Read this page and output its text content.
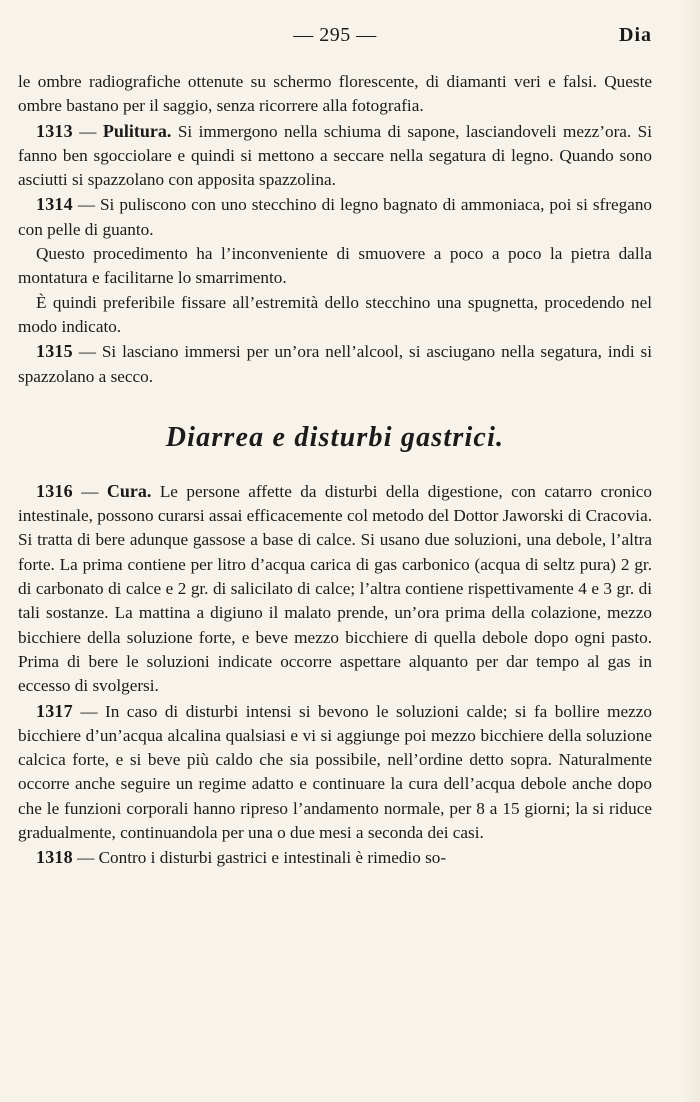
— 295 —	Dia

le ombre radiografiche ottenute su schermo florescente, di diamanti veri e falsi. Queste ombre bastano per il saggio, senza ricorrere alla fotografia.

1313 — Pulitura. Si immergono nella schiuma di sapone, lasciandoveli mezz’ora. Si fanno ben sgocciolare e quindi si mettono a seccare nella segatura di legno. Quando sono asciutti si spazzolano con apposita spazzolina.

1314 — Si puliscono con uno stecchino di legno bagnato di ammoniaca, poi si sfregano con pelle di guanto.

Questo procedimento ha l’inconveniente di smuovere a poco a poco la pietra dalla montatura e facilitarne lo smarrimento.

È quindi preferibile fissare all’estremità dello stecchino una spugnetta, procedendo nel modo indicato.

1315 — Si lasciano immersi per un’ora nell’alcool, si asciugano nella segatura, indi si spazzolano a secco.

Diarrea e disturbi gastrici.

1316 — Cura. Le persone affette da disturbi della digestione, con catarro cronico intestinale, possono curarsi assai efficacemente col metodo del Dottor Jaworski di Cracovia. Si tratta di bere adunque gassose a base di calce. Si usano due soluzioni, una debole, l’altra forte. La prima contiene per litro d’acqua carica di gas carbonico (acqua di seltz pura) 2 gr. di carbonato di calce e 2 gr. di salicilato di calce; l’altra contiene rispettivamente 4 e 3 gr. di tali sostanze. La mattina a digiuno il malato prende, un’ora prima della colazione, mezzo bicchiere della soluzione forte, e beve mezzo bicchiere di quella debole dopo ogni pasto. Prima di bere le soluzioni indicate occorre aspettare alquanto per dar tempo al gas in eccesso di svolgersi.

1317 — In caso di disturbi intensi si bevono le soluzioni calde; si fa bollire mezzo bicchiere d’un’acqua alcalina qualsiasi e vi si aggiunge poi mezzo bicchiere della soluzione calcica forte, e si beve più caldo che sia possibile, nell’ordine detto sopra. Naturalmente occorre anche seguire un regime adatto e continuare la cura dell’acqua debole anche dopo che le funzioni corporali hanno ripreso l’andamento normale, per 8 a 15 giorni; la si riduce gradualmente, continuandola per una o due mesi a seconda dei casi.

1318 — Contro i disturbi gastrici e intestinali è rimedio so-
